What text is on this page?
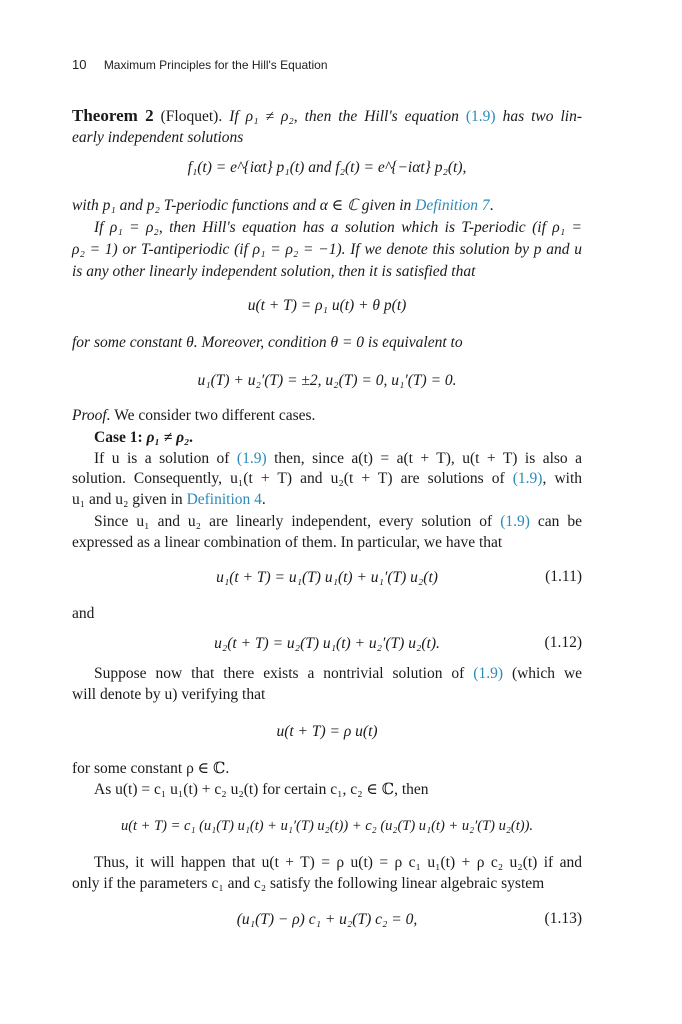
10 Maximum Principles for the Hill's Equation
Theorem 2 (Floquet). If ρ₁ ≠ ρ₂, then the Hill's equation (1.9) has two lin-
early independent solutions
f₁(t) = e^{iαt} p₁(t) and f₂(t) = e^{−iαt} p₂(t),
with p₁ and p₂ T-periodic functions and α ∈ ℂ given in Definition 7.
If ρ₁ = ρ₂, then Hill's equation has a solution which is T-periodic (if ρ₁ =
ρ₂ = 1) or T-antiperiodic (if ρ₁ = ρ₂ = −1). If we denote this solution by p and u
is any other linearly independent solution, then it is satisfied that
u(t + T) = ρ₁ u(t) + θ p(t)
for some constant θ. Moreover, condition θ = 0 is equivalent to
u₁(T) + u₂′(T) = ±2, u₂(T) = 0, u₁′(T) = 0.
Proof. We consider two different cases.
Case 1: ρ₁ ≠ ρ₂.
If u is a solution of (1.9) then, since a(t) = a(t + T), u(t + T) is also a
solution. Consequently, u₁(t + T) and u₂(t + T) are solutions of (1.9), with
u₁ and u₂ given in Definition 4.
Since u₁ and u₂ are linearly independent, every solution of (1.9) can be
expressed as a linear combination of them. In particular, we have that
u₁(t + T) = u₁(T) u₁(t) + u₁′(T) u₂(t)	(1.11)
and
u₂(t + T) = u₂(T) u₁(t) + u₂′(T) u₂(t).	(1.12)
Suppose now that there exists a nontrivial solution of (1.9) (which we
will denote by u) verifying that
u(t + T) = ρ u(t)
for some constant ρ ∈ ℂ.
As u(t) = c₁ u₁(t) + c₂ u₂(t) for certain c₁, c₂ ∈ ℂ, then
u(t + T) = c₁ (u₁(T) u₁(t) + u₁′(T) u₂(t)) + c₂ (u₂(T) u₁(t) + u₂′(T) u₂(t)).
Thus, it will happen that u(t + T) = ρ u(t) = ρ c₁ u₁(t) + ρ c₂ u₂(t) if and
only if the parameters c₁ and c₂ satisfy the following linear algebraic system
(u₁(T) − ρ) c₁ + u₂(T) c₂ = 0,	(1.13)
